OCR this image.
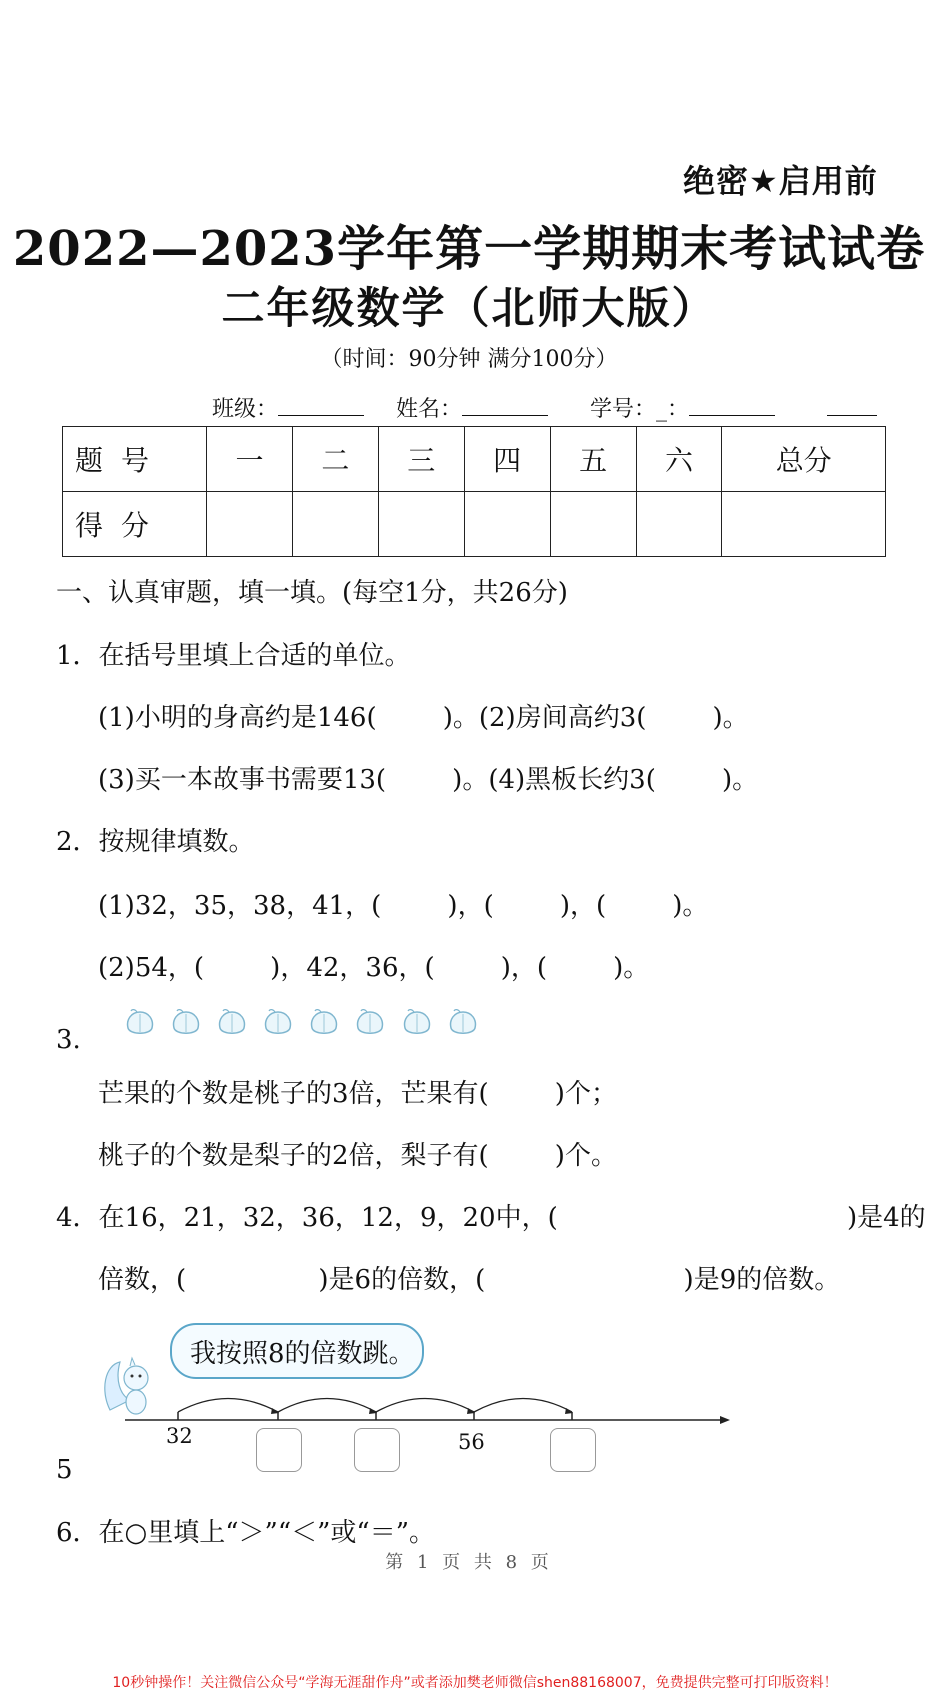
绝密★启用前
2022—2023学年第一学期期末考试试卷
二年级数学（北师大版）
（时间：90分钟 满分100分）
班级：	姓名：	学号：_：
题号	一	二	三	四	五	六	总分
得分							
一、认真审题，填一填。(每空1分，共26分)
1．在括号里填上合适的单位。
(1)小明的身高约是146(        )。(2)房间高约3(        )。
(3)买一本故事书需要13(        )。(4)黑板长约3(        )。
2．按规律填数。
(1)32，35，38，41，(        )，(        )，(        )。
(2)54，(        )，42，36，(        )，(        )。
3.

芒果的个数是桃子的3倍，芒果有(        )个；
桃子的个数是梨子的2倍，梨子有(        )个。
4．在16，21，32，36，12，9，20中，(                                   )是4的
倍数，(                )是6的倍数，(                        )是9的倍数。
我按照8的倍数跳。
32	56
5
6．在○里填上“＞”“＜”或“＝”。
第 1 页 共 8 页
10秒钟操作！关注微信公众号“学海无涯甜作舟”或者添加樊老师微信shen88168007，免费提供完整可打印版资料！
